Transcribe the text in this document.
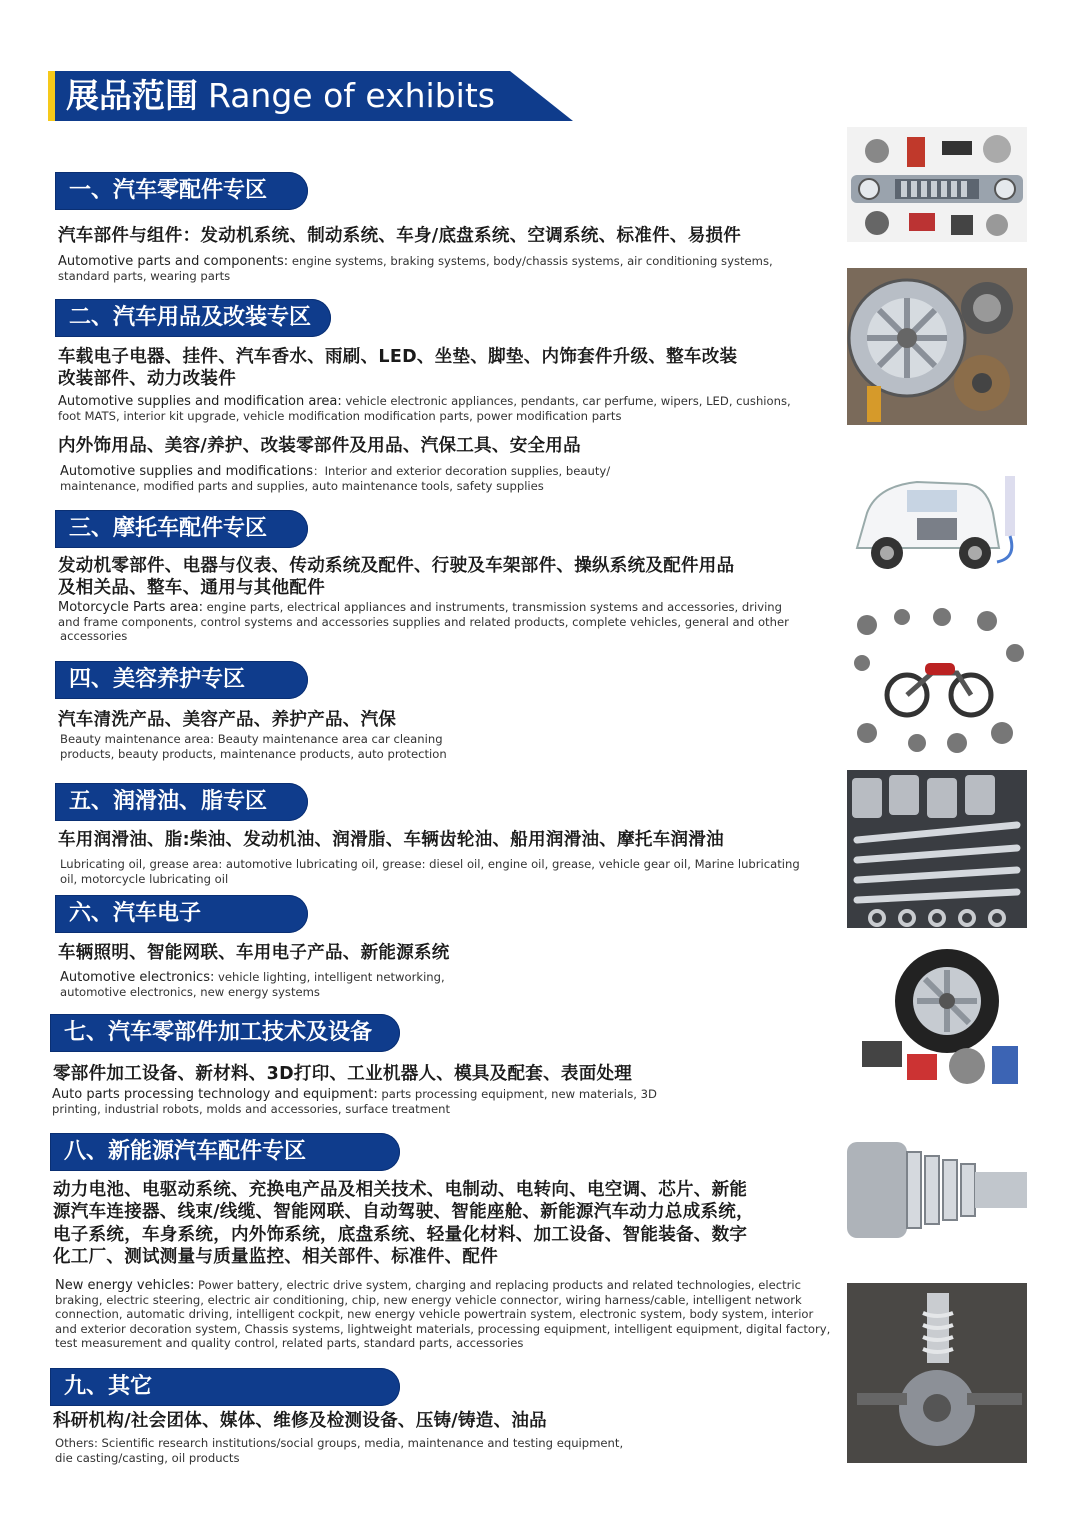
展品范围 Range of exhibits
一、汽车零配件专区
汽车部件与组件：发动机系统、制动系统、车身/底盘系统、空调系统、标准件、易损件
Automotive parts and components: engine systems, braking systems, body/chassis systems, air conditioning systems,
standard parts, wearing parts
二、汽车用品及改装专区
车载电子电器、挂件、汽车香水、雨刷、LED、坐垫、脚垫、内饰套件升级、整车改装
改装部件、动力改装件
Automotive supplies and modification area: vehicle electronic appliances, pendants, car perfume, wipers, LED, cushions,
foot MATS, interior kit upgrade, vehicle modification modification parts, power modification parts
内外饰用品、美容/养护、改装零部件及用品、汽保工具、安全用品
Automotive supplies and modifications：Interior and exterior decoration supplies, beauty/
maintenance, modified parts and supplies, auto maintenance tools, safety supplies
三、摩托车配件专区
发动机零部件、电器与仪表、传动系统及配件、行驶及车架部件、操纵系统及配件用品
及相关品、整车、通用与其他配件
Motorcycle Parts area: engine parts, electrical appliances and instruments, transmission systems and accessories, driving
and frame components, control systems and accessories supplies and related products, complete vehicles, general and other
accessories
四、美容养护专区
汽车清洗产品、美容产品、养护产品、汽保
Beauty maintenance area: Beauty maintenance area car cleaning
products, beauty products, maintenance products, auto protection
五、润滑油、脂专区
车用润滑油、脂:柴油、发动机油、润滑脂、车辆齿轮油、船用润滑油、摩托车润滑油
Lubricating oil, grease area: automotive lubricating oil, grease: diesel oil, engine oil, grease, vehicle gear oil, Marine lubricating
oil, motorcycle lubricating oil
六、汽车电子
车辆照明、智能网联、车用电子产品、新能源系统
Automotive electronics: vehicle lighting, intelligent networking,
automotive electronics, new energy systems
七、汽车零部件加工技术及设备
零部件加工设备、新材料、3D打印、工业机器人、模具及配套、表面处理
Auto parts processing technology and equipment: parts processing equipment, new materials, 3D
printing, industrial robots, molds and accessories, surface treatment
八、新能源汽车配件专区
动力电池、电驱动系统、充换电产品及相关技术、电制动、电转向、电空调、芯片、新能
源汽车连接器、线束/线缆、智能网联、自动驾驶、智能座舱、新能源汽车动力总成系统，
电子系统，车身系统，内外饰系统，底盘系统、轻量化材料、加工设备、智能装备、数字
化工厂、测试测量与质量监控、相关部件、标准件、配件
New energy vehicles: Power battery, electric drive system, charging and replacing products and related technologies, electric
braking, electric steering, electric air conditioning, chip, new energy vehicle connector, wiring harness/cable, intelligent network
connection, automatic driving, intelligent cockpit, new energy vehicle powertrain system, electronic system, body system, interior
and exterior decoration system, Chassis systems, lightweight materials, processing equipment, intelligent equipment, digital factory,
test measurement and quality control, related parts, standard parts, accessories
九、其它
科研机构/社会团体、媒体、维修及检测设备、压铸/铸造、油品
Others: Scientific research institutions/social groups, media, maintenance and testing equipment,
die casting/casting, oil products
